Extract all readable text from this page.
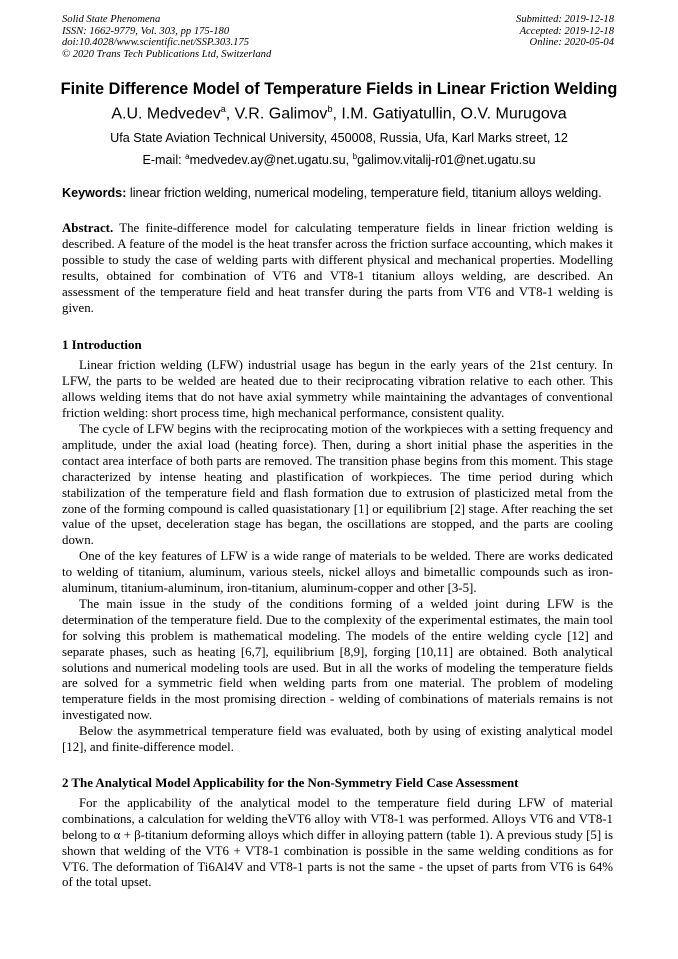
Solid State Phenomena
ISSN: 1662-9779, Vol. 303, pp 175-180
doi:10.4028/www.scientific.net/SSP.303.175
© 2020 Trans Tech Publications Ltd, Switzerland
Submitted: 2019-12-18
Accepted: 2019-12-18
Online: 2020-05-04
Finite Difference Model of Temperature Fields in Linear Friction Welding
A.U. Medvedev$^a$, V.R. Galimov$^b$, I.M. Gatiyatullin, O.V. Murugova
Ufa State Aviation Technical University, 450008, Russia, Ufa, Karl Marks street, 12
E-mail: $^a$medvedev.ay@net.ugatu.su, $^b$galimov.vitalij-r01@net.ugatu.su
Keywords: linear friction welding, numerical modeling, temperature field, titanium alloys welding.

Abstract. The finite-difference model for calculating temperature fields in linear friction welding is described. A feature of the model is the heat transfer across the friction surface accounting, which makes it possible to study the case of welding parts with different physical and mechanical properties. Modelling results, obtained for combination of VT6 and VT8-1 titanium alloys welding, are described. An assessment of the temperature field and heat transfer during the parts from VT6 and VT8-1 welding is given.

1 Introduction

Linear friction welding (LFW) industrial usage has begun in the early years of the 21st century. In LFW, the parts to be welded are heated due to their reciprocating vibration relative to each other. This allows welding items that do not have axial symmetry while maintaining the advantages of conventional friction welding: short process time, high mechanical performance, consistent quality.

The cycle of LFW begins with the reciprocating motion of the workpieces with a setting frequency and amplitude, under the axial load (heating force). Then, during a short initial phase the asperities in the contact area interface of both parts are removed. The transition phase begins from this moment. This stage characterized by intense heating and plastification of workpieces. The time period during which stabilization of the temperature field and flash formation due to extrusion of plasticized metal from the zone of the forming compound is called quasistationary [1] or equilibrium [2] stage. After reaching the set value of the upset, deceleration stage has began, the oscillations are stopped, and the parts are cooling down.

One of the key features of LFW is a wide range of materials to be welded. There are works dedicated to welding of titanium, aluminum, various steels, nickel alloys and bimetallic compounds such as iron-aluminum, titanium-aluminum, iron-titanium, aluminum-copper and other [3-5].

The main issue in the study of the conditions forming of a welded joint during LFW is the determination of the temperature field. Due to the complexity of the experimental estimates, the main tool for solving this problem is mathematical modeling. The models of the entire welding cycle [12] and separate phases, such as heating [6,7], equilibrium [8,9], forging [10,11] are obtained. Both analytical solutions and numerical modeling tools are used. But in all the works of modeling the temperature fields are solved for a symmetric field when welding parts from one material. The problem of modeling temperature fields in the most promising direction - welding of combinations of materials remains is not investigated now.

Below the asymmetrical temperature field was evaluated, both by using of existing analytical model [12], and finite-difference model.

2 The Analytical Model Applicability for the Non-Symmetry Field Case Assessment

For the applicability of the analytical model to the temperature field during LFW of material combinations, a calculation for welding theVT6 alloy with VT8-1 was performed. Alloys VT6 and VT8-1 belong to α + β-titanium deforming alloys which differ in alloying pattern (table 1). A previous study [5] is shown that welding of the VT6 + VT8-1 combination is possible in the same welding conditions as for VT6. The deformation of Ti6Al4V and VT8-1 parts is not the same - the upset of parts from VT6 is 64% of the total upset.
